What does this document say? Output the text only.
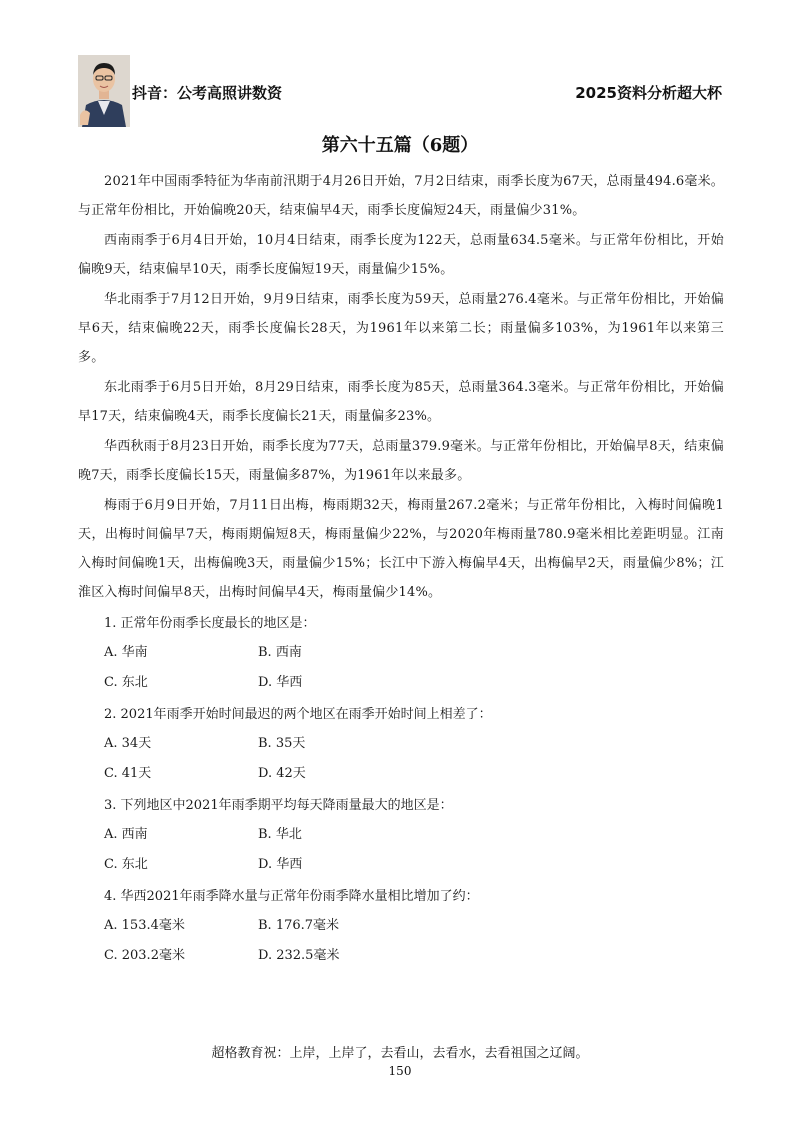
抖音：公考高照讲数资	2025资料分析超大杯
第六十五篇（6题）

2021年中国雨季特征为华南前汛期于4月26日开始，7月2日结束，雨季长度为67天，总雨量494.6毫米。与正常年份相比，开始偏晚20天，结束偏早4天，雨季长度偏短24天，雨量偏少31%。

西南雨季于6月4日开始，10月4日结束，雨季长度为122天，总雨量634.5毫米。与正常年份相比，开始偏晚9天，结束偏早10天，雨季长度偏短19天，雨量偏少15%。

华北雨季于7月12日开始，9月9日结束，雨季长度为59天，总雨量276.4毫米。与正常年份相比，开始偏早6天，结束偏晚22天，雨季长度偏长28天，为1961年以来第二长；雨量偏多103%，为1961年以来第三多。

东北雨季于6月5日开始，8月29日结束，雨季长度为85天，总雨量364.3毫米。与正常年份相比，开始偏早17天，结束偏晚4天，雨季长度偏长21天，雨量偏多23%。

华西秋雨于8月23日开始，雨季长度为77天，总雨量379.9毫米。与正常年份相比，开始偏早8天，结束偏晚7天，雨季长度偏长15天，雨量偏多87%，为1961年以来最多。

梅雨于6月9日开始，7月11日出梅，梅雨期32天，梅雨量267.2毫米；与正常年份相比，入梅时间偏晚1天，出梅时间偏早7天，梅雨期偏短8天，梅雨量偏少22%，与2020年梅雨量780.9毫米相比差距明显。江南入梅时间偏晚1天，出梅偏晚3天，雨量偏少15%；长江中下游入梅偏早4天，出梅偏早2天，雨量偏少8%；江淮区入梅时间偏早8天，出梅时间偏早4天，梅雨量偏少14%。

1. 正常年份雨季长度最长的地区是：
A. 华南	B. 西南
C. 东北	D. 华西
2. 2021年雨季开始时间最迟的两个地区在雨季开始时间上相差了：
A. 34天	B. 35天
C. 41天	D. 42天
3. 下列地区中2021年雨季期平均每天降雨量最大的地区是：
A. 西南	B. 华北
C. 东北	D. 华西
4. 华西2021年雨季降水量与正常年份雨季降水量相比增加了约：
A. 153.4毫米	B. 176.7毫米
C. 203.2毫米	D. 232.5毫米
超格教育祝：上岸，上岸了，去看山，去看水，去看祖国之辽阔。
150
